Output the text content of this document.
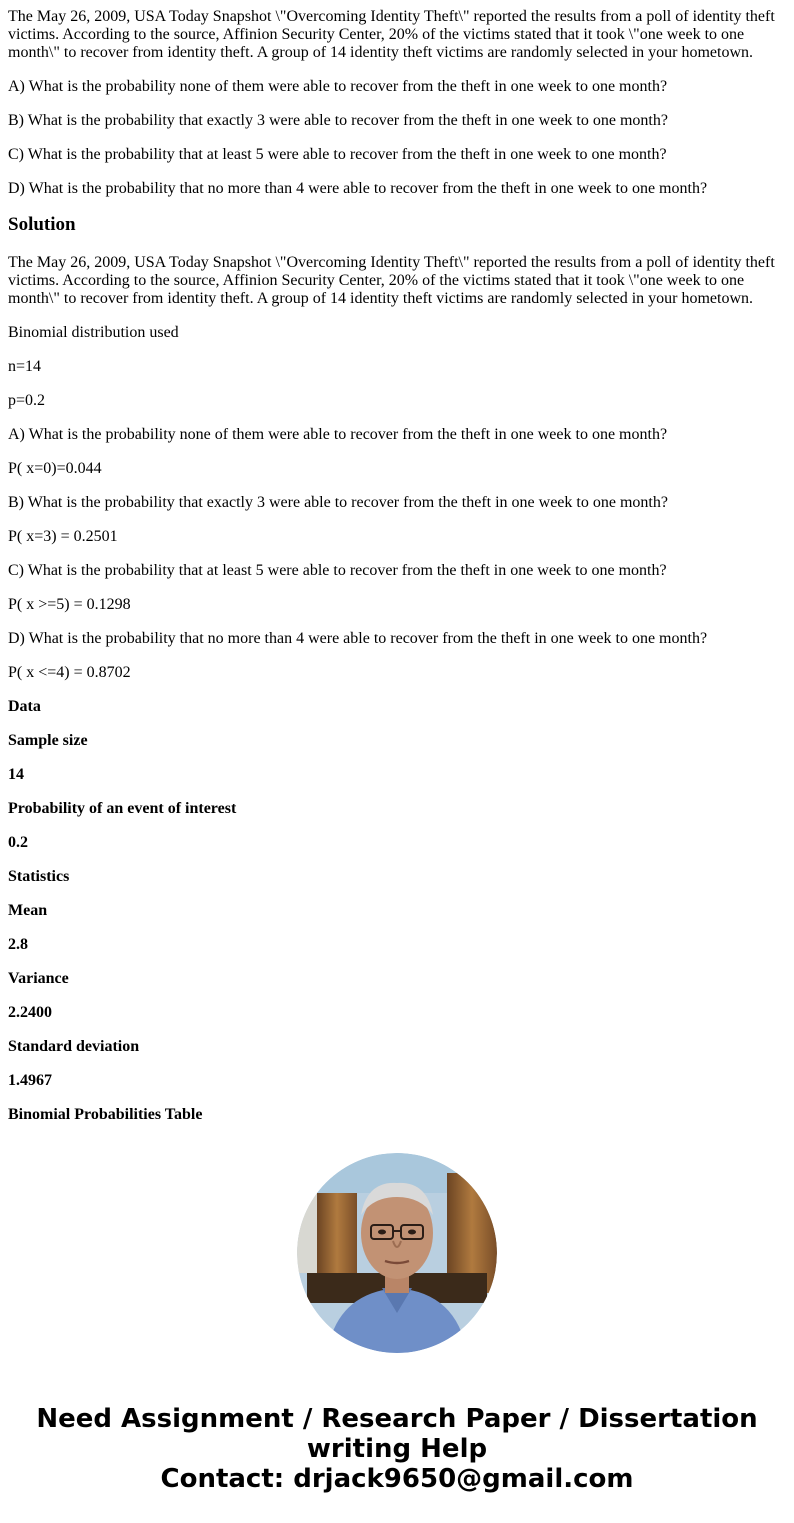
The May 26, 2009, USA Today Snapshot \"Overcoming Identity Theft\" reported the results from a poll of identity theft victims. According to the source, Affinion Security Center, 20% of the victims stated that it took \"one week to one month\" to recover from identity theft. A group of 14 identity theft victims are randomly selected in your hometown.

A) What is the probability none of them were able to recover from the theft in one week to one month?

B) What is the probability that exactly 3 were able to recover from the theft in one week to one month?

C) What is the probability that at least 5 were able to recover from the theft in one week to one month?

D) What is the probability that no more than 4 were able to recover from the theft in one week to one month?

Solution

The May 26, 2009, USA Today Snapshot \"Overcoming Identity Theft\" reported the results from a poll of identity theft victims. According to the source, Affinion Security Center, 20% of the victims stated that it took \"one week to one month\" to recover from identity theft. A group of 14 identity theft victims are randomly selected in your hometown.

Binomial distribution used

n=14

p=0.2

A) What is the probability none of them were able to recover from the theft in one week to one month?

P( x=0)=0.044

B) What is the probability that exactly 3 were able to recover from the theft in one week to one month?

P( x=3) = 0.2501

C) What is the probability that at least 5 were able to recover from the theft in one week to one month?

P( x >=5) = 0.1298

D) What is the probability that no more than 4 were able to recover from the theft in one week to one month?

P( x <=4) = 0.8702

Data

Sample size

14

Probability of an event of interest

0.2

Statistics

Mean

2.8

Variance

2.2400

Standard deviation

1.4967

Binomial Probabilities Table

Need Assignment / Research Paper / Dissertation
writing Help
Contact: drjack9650@gmail.com
